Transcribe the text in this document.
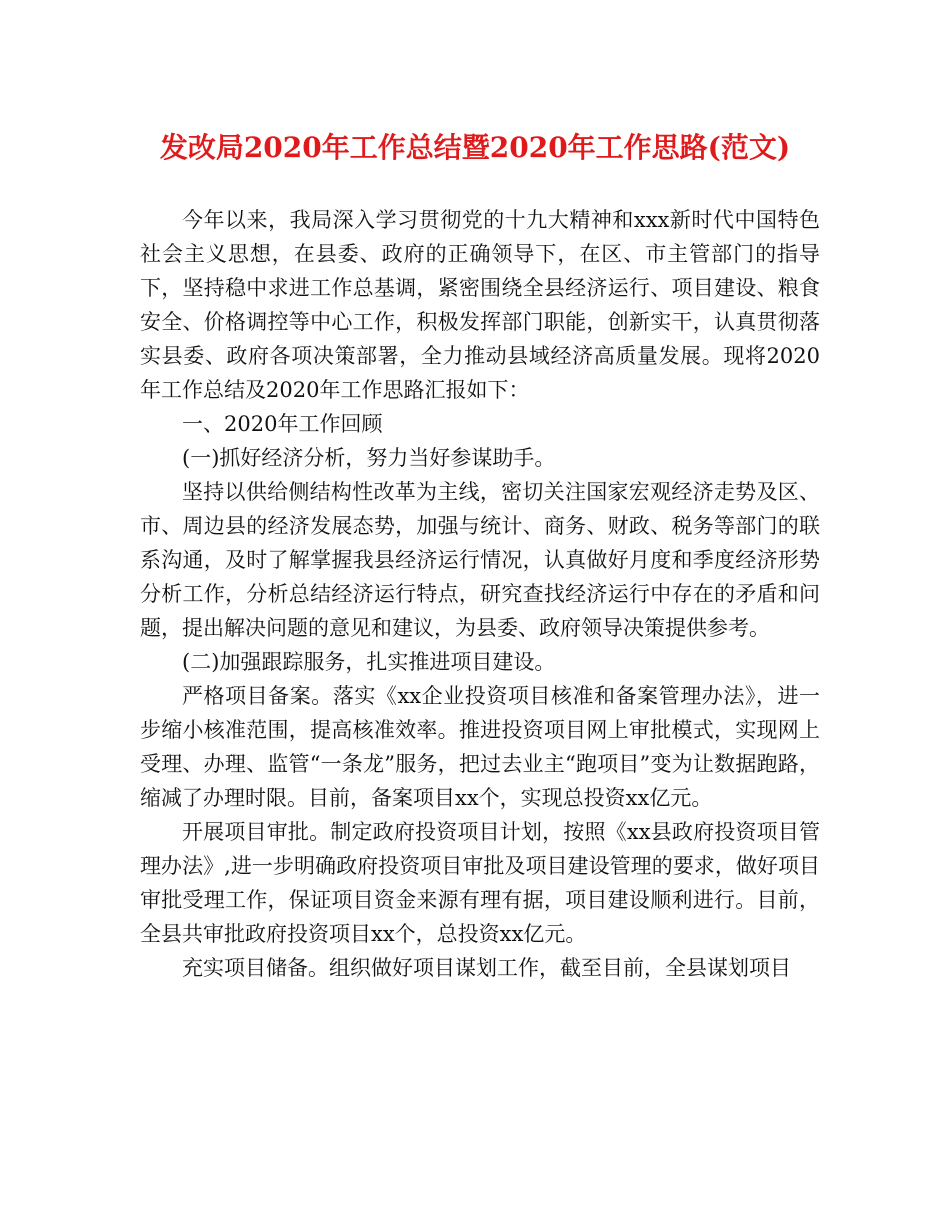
发改局2020年工作总结暨2020年工作思路(范文)

今年以来，我局深入学习贯彻党的十九大精神和xxx新时代中国特色社会主义思想，在县委、政府的正确领导下，在区、市主管部门的指导下，坚持稳中求进工作总基调，紧密围绕全县经济运行、项目建设、粮食安全、价格调控等中心工作，积极发挥部门职能，创新实干，认真贯彻落实县委、政府各项决策部署，全力推动县域经济高质量发展。现将2020年工作总结及2020年工作思路汇报如下：

一、2020年工作回顾

(一)抓好经济分析，努力当好参谋助手。

坚持以供给侧结构性改革为主线，密切关注国家宏观经济走势及区、市、周边县的经济发展态势，加强与统计、商务、财政、税务等部门的联系沟通，及时了解掌握我县经济运行情况，认真做好月度和季度经济形势分析工作，分析总结经济运行特点，研究查找经济运行中存在的矛盾和问题，提出解决问题的意见和建议，为县委、政府领导决策提供参考。

(二)加强跟踪服务，扎实推进项目建设。

严格项目备案。落实《xx企业投资项目核准和备案管理办法》，进一步缩小核准范围，提高核准效率。推进投资项目网上审批模式，实现网上受理、办理、监管“一条龙”服务，把过去业主“跑项目”变为让数据跑路，缩减了办理时限。目前，备案项目xx个，实现总投资xx亿元。

开展项目审批。制定政府投资项目计划，按照《xx县政府投资项目管理办法》,进一步明确政府投资项目审批及项目建设管理的要求，做好项目审批受理工作，保证项目资金来源有理有据，项目建设顺利进行。目前，全县共审批政府投资项目xx个，总投资xx亿元。

充实项目储备。组织做好项目谋划工作，截至目前，全县谋划项目
